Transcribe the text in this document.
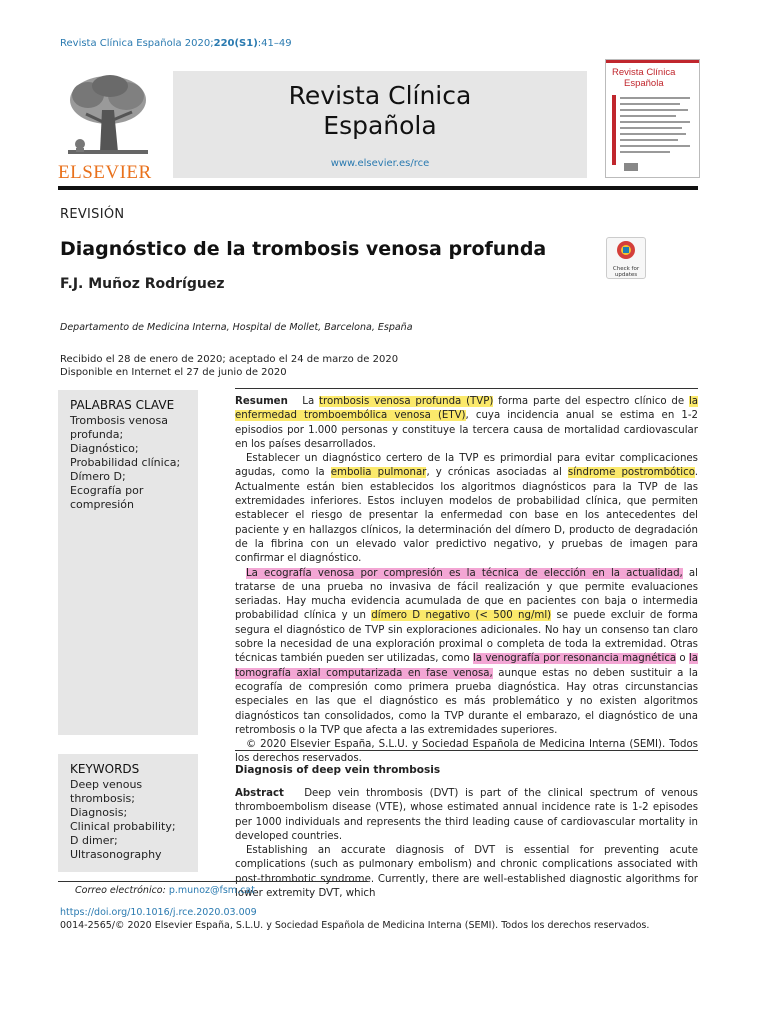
Revista Clínica Española 2020;220(S1):41–49
ELSEVIER
Revista Clínica
Española
www.elsevier.es/rce
Revista Clínica
Española
REVISIÓN
Diagnóstico de la trombosis venosa profunda
Check for updates
F.J. Muñoz Rodríguez
Departamento de Medicina Interna, Hospital de Mollet, Barcelona, España
Recibido el 28 de enero de 2020; aceptado el 24 de marzo de 2020
Disponible en Internet el 27 de junio de 2020
PALABRAS CLAVE
Trombosis venosa
profunda;
Diagnóstico;
Probabilidad clínica;
Dímero D;
Ecografía por
compresión

Resumen La trombosis venosa profunda (TVP) forma parte del espectro clínico de la enfermedad tromboembólica venosa (ETV), cuya incidencia anual se estima en 1-2 episodios por 1.000 personas y constituye la tercera causa de mortalidad cardiovascular en los países desarrollados.

Establecer un diagnóstico certero de la TVP es primordial para evitar complicaciones agudas, como la embolia pulmonar, y crónicas asociadas al síndrome postrombótico. Actualmente están bien establecidos los algoritmos diagnósticos para la TVP de las extremidades inferiores. Estos incluyen modelos de probabilidad clínica, que permiten establecer el riesgo de presentar la enfermedad con base en los antecedentes del paciente y en hallazgos clínicos, la determinación del dímero D, producto de degradación de la fibrina con un elevado valor predictivo negativo, y pruebas de imagen para confirmar el diagnóstico.

La ecografía venosa por compresión es la técnica de elección en la actualidad, al tratarse de una prueba no invasiva de fácil realización y que permite evaluaciones seriadas. Hay mucha evidencia acumulada de que en pacientes con baja o intermedia probabilidad clínica y un dímero D negativo (< 500 ng/ml) se puede excluir de forma segura el diagnóstico de TVP sin exploraciones adicionales. No hay un consenso tan claro sobre la necesidad de una exploración proximal o completa de toda la extremidad. Otras técnicas también pueden ser utilizadas, como la venografía por resonancia magnética o la tomografía axial computarizada en fase venosa, aunque estas no deben sustituir a la ecografía de compresión como primera prueba diagnóstica. Hay otras circunstancias especiales en las que el diagnóstico es más problemático y no existen algoritmos diagnósticos tan consolidados, como la TVP durante el embarazo, el diagnóstico de una retrombosis o la TVP que afecta a las extremidades superiores.

© 2020 Elsevier España, S.L.U. y Sociedad Española de Medicina Interna (SEMI). Todos los derechos reservados.

KEYWORDS
Deep venous
thrombosis;
Diagnosis;
Clinical probability;
D dimer;
Ultrasonography
Diagnosis of deep vein thrombosis

Abstract Deep vein thrombosis (DVT) is part of the clinical spectrum of venous thromboembolism disease (VTE), whose estimated annual incidence rate is 1-2 episodes per 1000 individuals and represents the third leading cause of cardiovascular mortality in developed countries.

Establishing an accurate diagnosis of DVT is essential for preventing acute complications (such as pulmonary embolism) and chronic complications associated with post-thrombotic syndrome. Currently, there are well-established diagnostic algorithms for lower extremity DVT, which

Correo electrónico: p.munoz@fsm.cat
https://doi.org/10.1016/j.rce.2020.03.009
0014-2565/© 2020 Elsevier España, S.L.U. y Sociedad Española de Medicina Interna (SEMI). Todos los derechos reservados.
